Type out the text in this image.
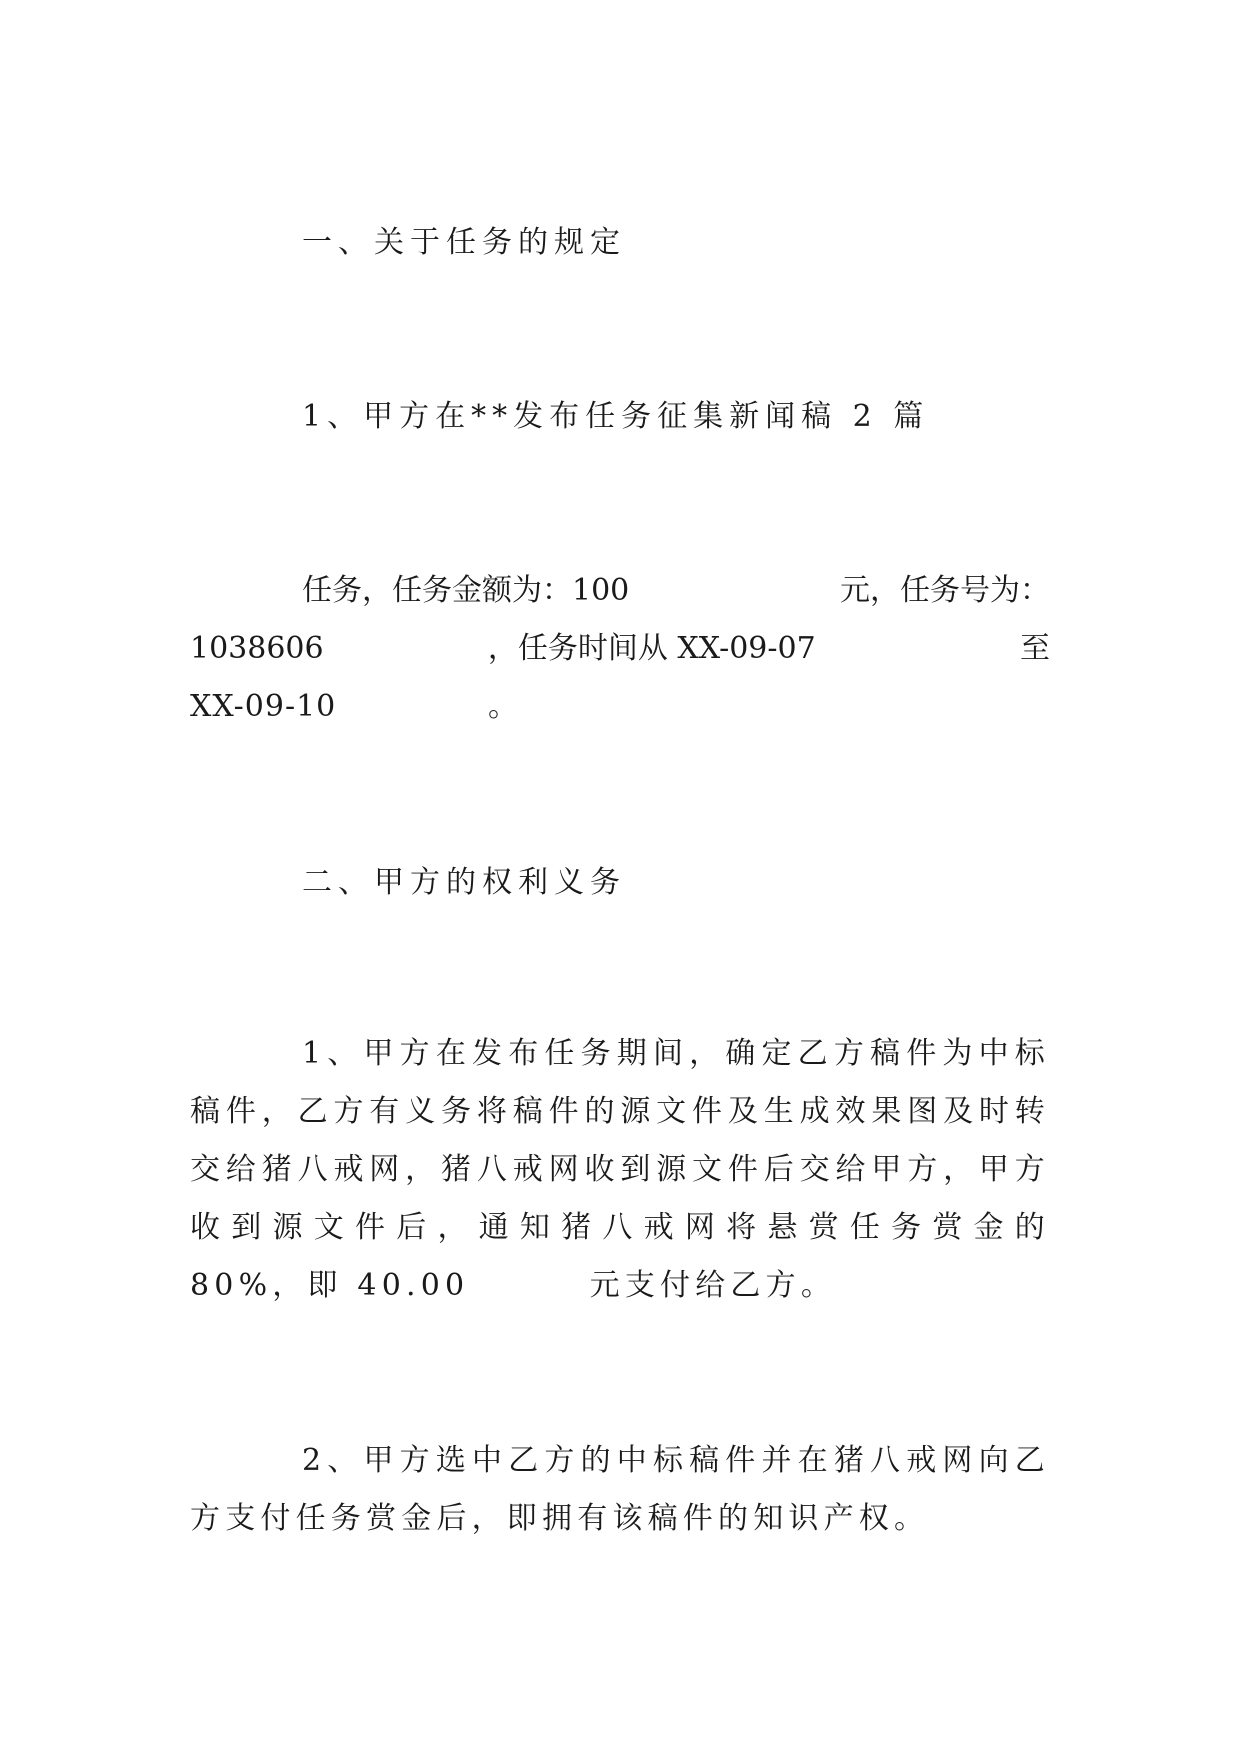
一、关于任务的规定
1、甲方在**发布任务征集新闻稿 2 篇
任务，任务金额为：100	元，任务号为：
1038606	，任务时间从 XX-09-07	至
XX-09-10	。
二、甲方的权利义务
1、甲方在发布任务期间，确定乙方稿件为中标稿件，乙方有义务将稿件的源文件及生成效果图及时转交给猪八戒网，猪八戒网收到源文件后交给甲方，甲方收到源文件后，通知猪八戒网将悬赏任务赏金的 80%，即 40.00　　　 元支付给乙方。
2、甲方选中乙方的中标稿件并在猪八戒网向乙方支付任务赏金后，即拥有该稿件的知识产权。
